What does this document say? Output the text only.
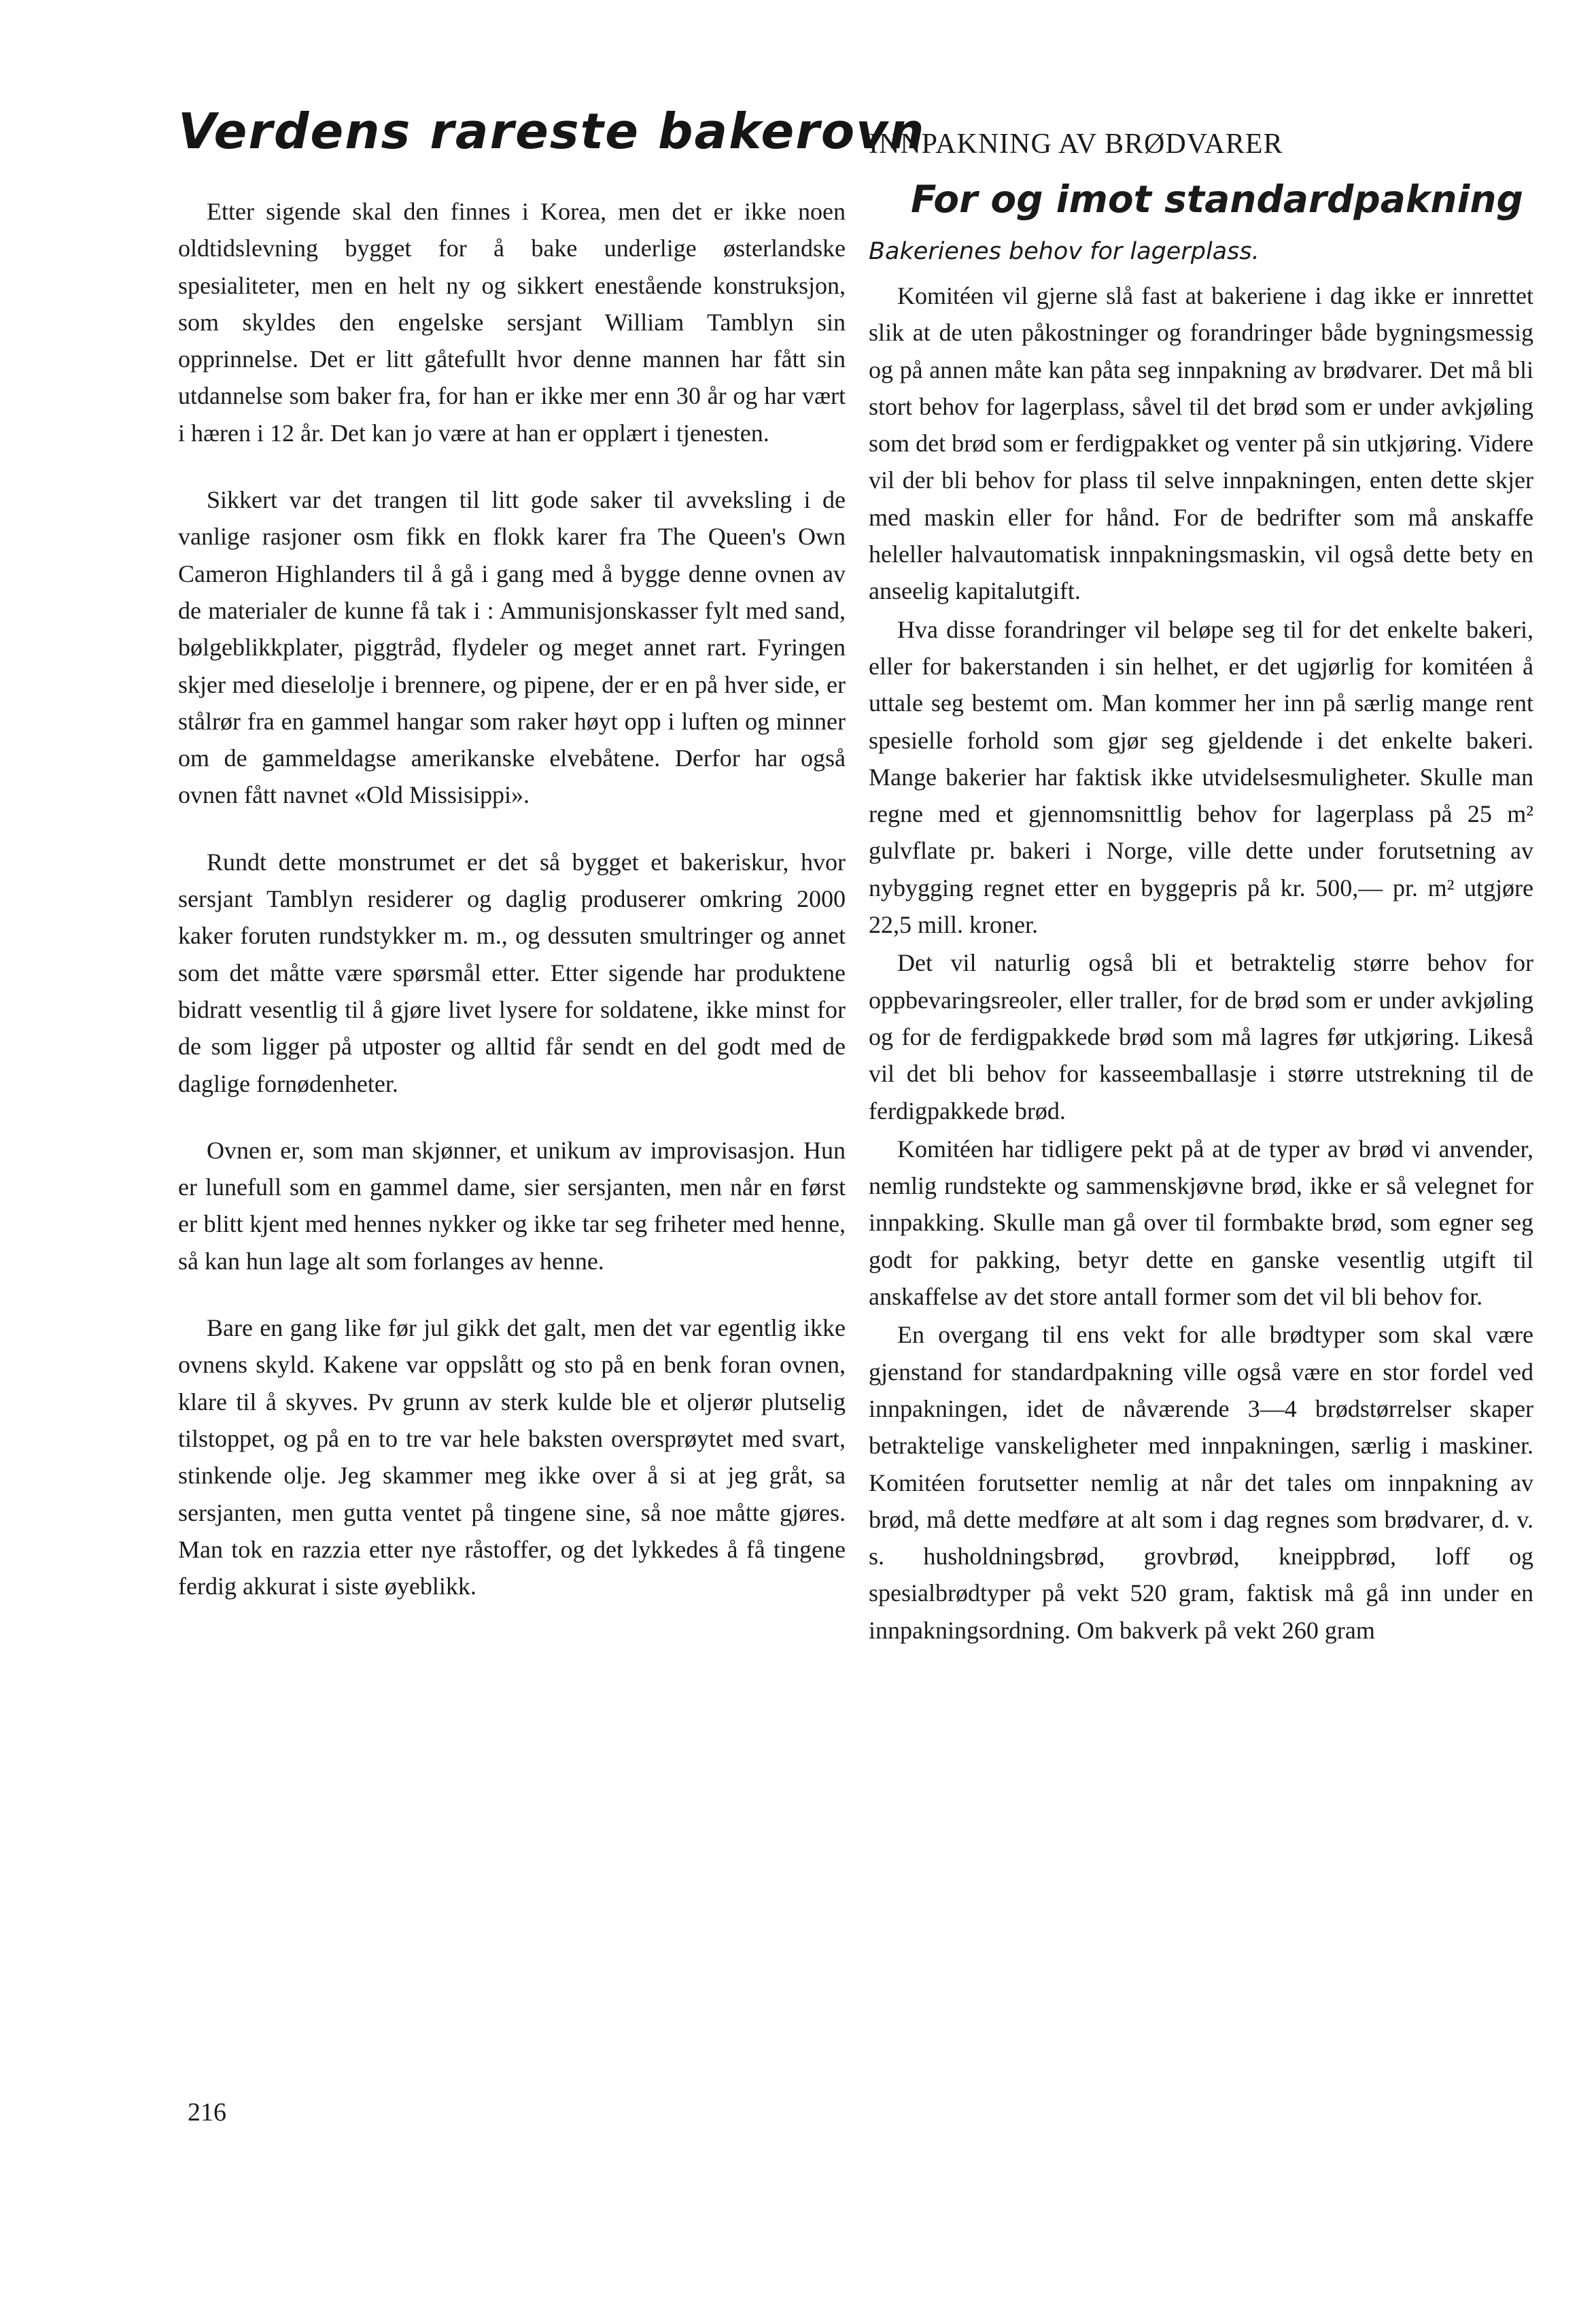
Verdens rareste bakerovn

Etter sigende skal den finnes i Korea, men det er ikke noen oldtidslevning bygget for å bake underlige østerlandske spesialiteter, men en helt ny og sikkert enestående konstruksjon, som skyldes den engelske sersjant William Tamblyn sin opprinnelse. Det er litt gåtefullt hvor denne mannen har fått sin utdannelse som baker fra, for han er ikke mer enn 30 år og har vært i hæren i 12 år. Det kan jo være at han er opplært i tjenesten.

Sikkert var det trangen til litt gode saker til avveksling i de vanlige rasjoner osm fikk en flokk karer fra The Queen's Own Cameron Highlanders til å gå i gang med å bygge denne ovnen av de materialer de kunne få tak i : Ammunisjonskasser fylt med sand, bølgeblikkplater, piggtråd, flydeler og meget annet rart. Fyringen skjer med dieselolje i brennere, og pipene, der er en på hver side, er stålrør fra en gammel hangar som raker høyt opp i luften og minner om de gammeldagse amerikanske elvebåtene. Derfor har også ovnen fått navnet «Old Missisippi».

Rundt dette monstrumet er det så bygget et bakeriskur, hvor sersjant Tamblyn residerer og daglig produserer omkring 2000 kaker foruten rundstykker m. m., og dessuten smultringer og annet som det måtte være spørsmål etter. Etter sigende har produktene bidratt vesentlig til å gjøre livet lysere for soldatene, ikke minst for de som ligger på utposter og alltid får sendt en del godt med de daglige fornødenheter.

Ovnen er, som man skjønner, et unikum av improvisasjon. Hun er lunefull som en gammel dame, sier sersjanten, men når en først er blitt kjent med hennes nykker og ikke tar seg friheter med henne, så kan hun lage alt som forlanges av henne.

Bare en gang like før jul gikk det galt, men det var egentlig ikke ovnens skyld. Kakene var oppslått og sto på en benk foran ovnen, klare til å skyves. Pv grunn av sterk kulde ble et oljerør plutselig tilstoppet, og på en to tre var hele baksten oversprøytet med svart, stinkende olje. Jeg skammer meg ikke over å si at jeg gråt, sa sersjanten, men gutta ventet på tingene sine, så noe måtte gjøres. Man tok en razzia etter nye råstoffer, og det lykkedes å få tingene ferdig akkurat i siste øyeblikk.

INNPAKNING AV BRØDVARER
For og imot standardpakning
Bakerienes behov for lagerplass.

Komitéen vil gjerne slå fast at bakeriene i dag ikke er innrettet slik at de uten påkostninger og forandringer både bygningsmessig og på annen måte kan påta seg innpakning av brødvarer. Det må bli stort behov for lagerplass, såvel til det brød som er under avkjøling som det brød som er ferdigpakket og venter på sin utkjøring. Videre vil der bli behov for plass til selve innpakningen, enten dette skjer med maskin eller for hånd. For de bedrifter som må anskaffe heleller halvautomatisk innpakningsmaskin, vil også dette bety en anseelig kapitalutgift.

Hva disse forandringer vil beløpe seg til for det enkelte bakeri, eller for bakerstanden i sin helhet, er det ugjørlig for komitéen å uttale seg bestemt om. Man kommer her inn på særlig mange rent spesielle forhold som gjør seg gjeldende i det enkelte bakeri. Mange bakerier har faktisk ikke utvidelsesmuligheter. Skulle man regne med et gjennomsnittlig behov for lagerplass på 25 m² gulvflate pr. bakeri i Norge, ville dette under forutsetning av nybygging regnet etter en byggepris på kr. 500,— pr. m² utgjøre 22,5 mill. kroner.

Det vil naturlig også bli et betraktelig større behov for oppbevaringsreoler, eller traller, for de brød som er under avkjøling og for de ferdigpakkede brød som må lagres før utkjøring. Likeså vil det bli behov for kasseemballasje i større utstrekning til de ferdigpakkede brød.

Komitéen har tidligere pekt på at de typer av brød vi anvender, nemlig rundstekte og sammenskjøvne brød, ikke er så velegnet for innpakking. Skulle man gå over til formbakte brød, som egner seg godt for pakking, betyr dette en ganske vesentlig utgift til anskaffelse av det store antall former som det vil bli behov for.

En overgang til ens vekt for alle brødtyper som skal være gjenstand for standardpakning ville også være en stor fordel ved innpakningen, idet de nåværende 3—4 brødstørrelser skaper betraktelige vanskeligheter med innpakningen, særlig i maskiner. Komitéen forutsetter nemlig at når det tales om innpakning av brød, må dette medføre at alt som i dag regnes som brødvarer, d. v. s. husholdningsbrød, grovbrød, kneippbrød, loff og spesialbrødtyper på vekt 520 gram, faktisk må gå inn under en innpakningsordning. Om bakverk på vekt 260 gram

216
